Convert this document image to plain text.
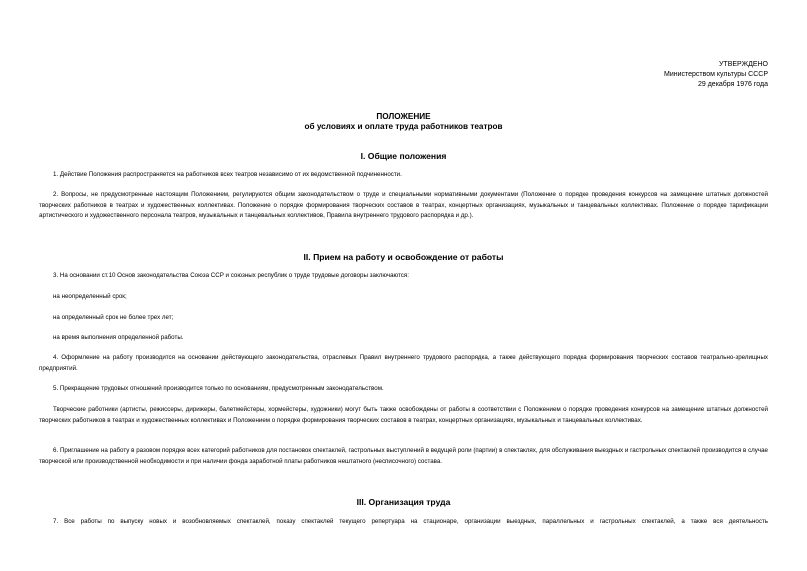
УТВЕРЖДЕНО
Министерством культуры СССР
29 декабря 1976 года
ПОЛОЖЕНИЕ
об условиях и оплате труда работников театров
I. Общие положения

1. Действие Положения распространяется на работников всех театров независимо от их ведомственной подчиненности.

2. Вопросы, не предусмотренные настоящим Положением, регулируются общим законодательством о труде и специальными нормативными документами (Положение о порядке проведения конкурсов на замещение штатных должностей творческих работников в театрах и художественных коллективах. Положение о порядке формирования творческих составов в театрах, концертных организациях, музыкальных и танцевальных коллективах. Положение о порядке тарификации артистического и художественного персонала театров, музыкальных и танцевальных коллективов, Правила внутреннего трудового распорядка и др.).

II. Прием на работу и освобождение от работы

3. На основании ст.10 Основ законодательства Союза ССР и союзных республик о труде трудовые договоры заключаются:

на неопределенный срок;

на определенный срок не более трех лет;

на время выполнения определенной работы.

4. Оформление на работу производится на основании действующего законодательства, отраслевых Правил внутреннего трудового распорядка, а также действующего порядка формирования творческих составов театрально-зрелищных предприятий.

5. Прекращение трудовых отношений производится только по основаниям, предусмотренным законодательством.

Творческие работники (артисты, режиссеры, дирижеры, балетмейстеры, хормейстеры, художники) могут быть также освобождены от работы в соответствии с Положением о порядке проведения конкурсов на замещение штатных должностей творческих работников в театрах и художественных коллективах и Положением о порядке формирования творческих составов в театрах, концертных организациях, музыкальных и танцевальных коллективах.

6. Приглашение на работу в разовом порядке всех категорий работников для постановок спектаклей, гастрольных выступлений в ведущей роли (партии) в спектаклях, для обслуживания выездных и гастрольных спектаклей производится в случае творческой или производственной необходимости и при наличии фонда заработной платы работников нештатного (несписочного) состава.

III. Организация труда

7. Все работы по выпуску новых и возобновляемых спектаклей, показу спектаклей текущего репертуара на стационаре, организации выездных, параллельных и гастрольных спектаклей, а также вся деятельность
